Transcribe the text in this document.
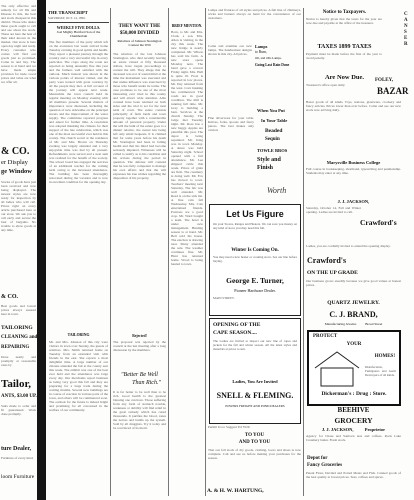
The only effective and remedy for all Ills and Disease Is this, the best and stock cheapest in this district. Those who desire these goods ought to call and see about the stock. These are here the best of their kind known in the market. Our store is here open day night and ready. Every customer who comes will find our goods just as promised. Come in and buy. The season is at hand and we have made ample provision for trade. Good prices and value are what we offer all.
& CO.
er Display
ge Window
Stocks of goods have just been received and now being displayed. The newest styles are now ready for inspection by all ladies who will call. Prices right on every article purchased here at our store. We ask you to call early and secure the best of bargains. No trouble to show goods at any time.
& CO.
Best goods and lowest prices always assured here in town.
TAILORING
CLEANING and
REPAIRING
Done neatly and promptly at reasonable rates by
Tailor,
ANTS, $3.00 UP.
Suits made to order and fit guaranteed. Work done promptly.
ture Dealer,
Furniture of every kind.
loom Furniture
THE TRANSCRIPT
SATURDAY, OCT. 14, 1899.
WEEKLY FIVE DOLLS.
Joel Mighty Hartford Son of the Chamberlain
The five members of the party which left on the excursion last week arrived home Tuesday evening in good spirits and health. They report a pleasant journey through the country and a very successful trip in every particular. The crops along the route are reported as being unusually fine this year and the farmers well satisfied with the outlook. Much interest was shown in the various points of interest visited, and the party were treated with great courtesy by all the people they met. A full account of the journey will appear next week. Meanwhile the town council held its regular meeting on Monday evening with all members present. Several matters of importance were discussed, including the question of new sidewalks on the principal streets and the improvement of the water supply. The committee reported progress and asked for further time. A resolution was adopted thanking the citizens for their support of the late celebration, which was one of the most successful ever held in this county. The church social at the residence of Mr. and Mrs. Brown on Thursday evening was largely attended and a very enjoyable time was had by all present. Refreshments were served and a neat sum was realized for the benefit of the society. The school board has engaged the services of an additional teacher for the coming term owing to the increased attendance. The building has been thoroughly renovated during the vacation and is now in excellent condition for the opening day.
TAILORING
Mr. and Mrs. Johnson of this city were visitors in town over Sunday, the guests of relatives. Mrs. Smith returned home on Tuesday from an extended visit with friends in the east. She reports a most delightful time. A large number of our citizens attended the fair at the county seat this week. The exhibit was one of the best ever held and the attendance was large every day. Our merchants report business as being very good this fall and they are preparing for a large trade during the coming months. Several new buildings are in course of erection in various parts of the town, and others will be commenced soon. The outlook for the future is indeed bright and promising for all concerned in the welfare of our community.
THEY WANT THE
$50,000 DIVIDED
Relatives of Johnson Stonington Contest the Will
The relatives of the late Johnson Stonington, who died recently leaving an estate valued at fifty thousand dollars, have begun proceedings to contest the will. They allege that the deceased was not of sound mind at the time the instrument was executed and that undue influence was exercised by those who benefit under its terms. The case promises to be one of the most interesting ever tried in this county and will attract wide attention. Able counsel have been retained on both sides and the trial is set for the next term of court. The estate consists principally of farm lands and town property together with a considerable amount of personal property. Under the will the bulk of the estate goes to a distant relative, the nearer kin being left only small bequests. It is claimed that for some years before his death Mr. Stonington had been in failing health and that his mind had become seriously impaired. Witnesses will be called to testify as to his condition and his actions during the period in question. The defense will contend that he was fully competent to manage his own affairs and that the will expresses his true wishes regarding the disposition of his property.
Rejected!
The proposal was rejected by the council at the last meeting after a long discussion by the members.
"Better Be Well
Than Rich."
It is far better to be well than to be rich. Good health is the greatest blessing one can have. Those suffering from any form of stomach trouble, weakness or debility will find relief in the great remedy which has cured thousands. It purifies the blood, tones the nerves and builds up the system. Sold by all druggists. Try it today and be convinced of its merit.
BRIEF MENTION.
Born, to Mr. and Mrs. Clark, a son. Mrs. Allen is visiting in the city this week. The new bridge is nearly completed. Mr. Wilson has sold his farm. A new store opens Monday next. The band gave a concert Friday night. Mrs. Hall is quite ill. Frost is reported in low places. Mr. Day returned from the west. Corn husking has commenced. The roads are in good condition. The mill is running full time. Mr. Gray is building a barn. Services at the church Sunday. The lodge met Tuesday night. Mr. Ross has a new buggy. Apples are plentiful this year. The depot is being repainted. Mr. King was in town Monday. A dance was held Saturday night. School opened with a full attendance. Mr. Lee shipped cattle this week. Prices of grain are firm. The creamery is doing well. Mr. Fox has moved to town. Teachers' meeting next Saturday. The fair was well attended. Mr. Reed is on the sick list. A fine rain fell Wednesday. Mrs. Cole entertained friends. Potatoes are a good crop. Mr. Ward bought a team. The hotel is under new management. Hunting season is at hand. Mr. Bell sold his house. The election is drawing near. Many attended the sale. The weather continues fine. Mr. Hunt has returned home. Wood is being hauled to town.
Lamps and fixtures of all styles and prices. A full line of chimneys, wicks and burners always on hand for the convenience of our customers.
Lamps
to Burn,
Oil, and Oils Lamps.
Going Last Rain Done
Come and examine our new lamps. The handsomest designs shown in this city. All prices.
When You Put
In Your Table
Beaded
Sequin
TOWLE BROS
Style and
Finish
Fine silverware for your table. Knives, forks, spoons and fancy pieces. The best makes only carried.
Worth
Let Us Figure
On your Stoves, Ranges and Heaters. We can save you money on any kind of stove you may need this fall.
Winter Is Coming On.
You may need a new heater or cooking stove. See our line before buying.
George E. Turner,
Pioneer Hardware Dealer.
MAIN STREET.
OPENING OF THE
CAPE SEASON....
The Ladies are invited to inspect our new line of capes and jackets for the fall and winter season. All the latest styles and materials at prices to suit.
Ladies, You Are Invited
SNELL & FLEMING.
POWERS FREIGHT AND POND DEALERS
Permit Us to Suggest TO YOU
TO YOU
AND TO YOU
That our fall stock of dry goods, clothing, boots and shoes is now complete. Call and see us before making your purchases for the season.
A. & H. W. HARTUNG,
Notice to Taxpayers.
Notice is hereby given that the taxes for the year are now due and payable at the office of the treasurer.
TAXES 1899 TAXES
Payment must be made before the first of the year to avoid penalty.
Are Now Due.
Treasurer's office open daily.
BAZAR
Bazar goods of all kinds. Toys, notions, glassware, crockery and fancy articles. Prices lower than ever before. Come and see our new stock now arriving daily.
Marysville Business College
Full course in bookkeeping, shorthand, typewriting and penmanship. Students may enter at any time.
J. J. JACKSON,
Saturday, October 14, Fall and Winter opening. Ladies are invited to call.
Crawford's
Ladies, you are cordially invited to attend the opening display.
Crawford's
ON THE UP GRADE
Our business grows steadily because we give good values at honest prices.
QUARTZ JEWELRY.
C. J. BRAND,
Manufacturing Jeweler.          Broad Street
PROTECT
YOUR
HOMES!
Disinfectants, Fumigators and Germ Destroyers of all kinds.
Dickerman's : Drug : Store.
BEEHIVE
GROCERY
J. J. JACKSON,          Proprietor
Agency for Chase and Sanborn teas and coffees. Rock Lake Creamery butter. Fresh stock.
Depot for
Fancy Groceries
Patent Flour, Deviled and Potted Meats and Fish. Canned goods of the best quality at lowest prices. Teas, coffees and spices.
C
A
N
S
E
R
FOLEY,
